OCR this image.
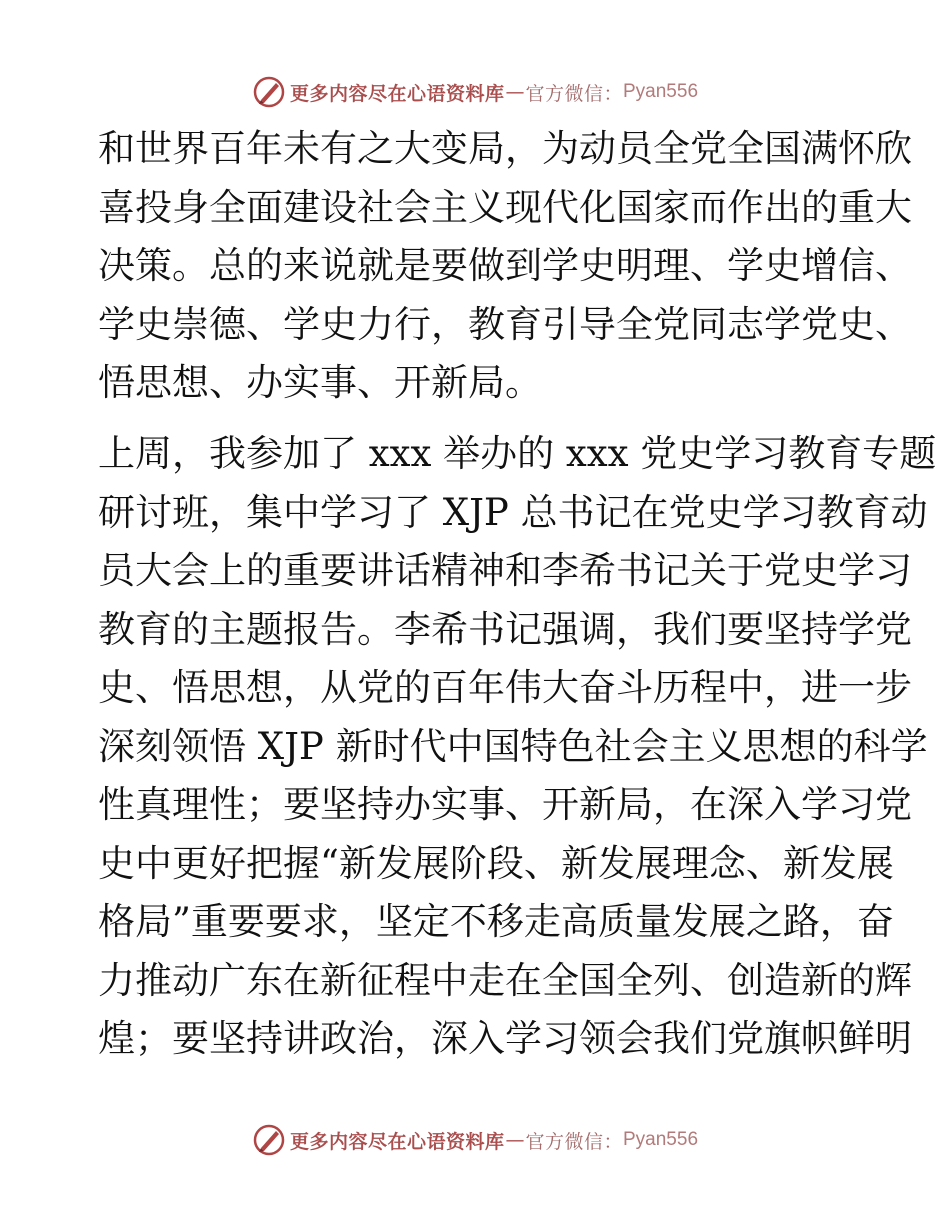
更多内容尽在心语资料库 — 官方微信： Pyan556
和世界百年未有之大变局，为动员全党全国满怀欣
喜投身全面建设社会主义现代化国家而作出的重大
决策。总的来说就是要做到学史明理、学史增信、
学史崇德、学史力行，教育引导全党同志学党史、
悟思想、办实事、开新局。
上周，我参加了 xxx 举办的 xxx 党史学习教育专题
研讨班，集中学习了 XJP 总书记在党史学习教育动
员大会上的重要讲话精神和李希书记关于党史学习
教育的主题报告。李希书记强调，我们要坚持学党
史、悟思想，从党的百年伟大奋斗历程中，进一步
深刻领悟 XJP 新时代中国特色社会主义思想的科学
性真理性；要坚持办实事、开新局，在深入学习党
史中更好把握“新发展阶段、新发展理念、新发展
格局”重要要求，坚定不移走高质量发展之路，奋
力推动广东在新征程中走在全国全列、创造新的辉
煌；要坚持讲政治，深入学习领会我们党旗帜鲜明
更多内容尽在心语资料库 — 官方微信： Pyan556
